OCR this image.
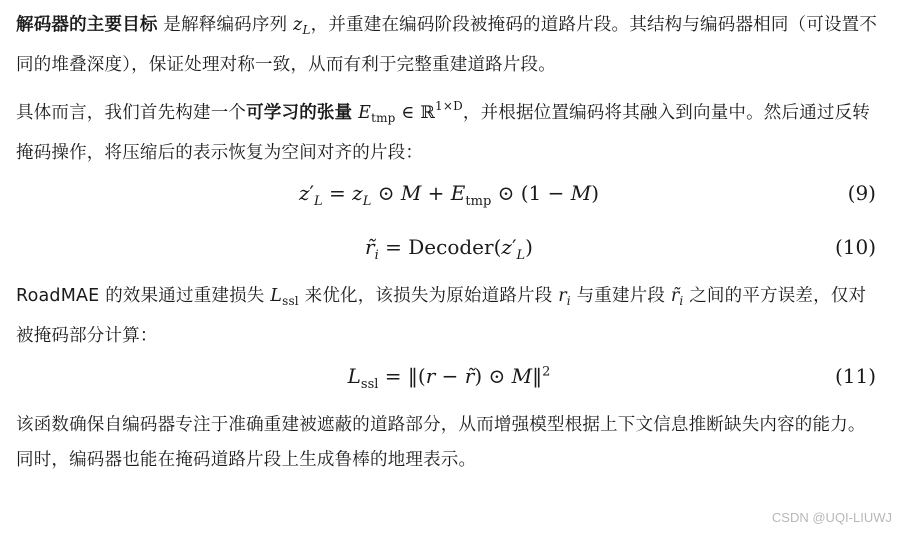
解码器的主要目标 是解释编码序列 $z_L$，并重建在编码阶段被掩码的道路片段。其结构与编码器相同（可设置不同的堆叠深度），保证处理对称一致，从而有利于完整重建道路片段。

具体而言，我们首先构建一个可学习的张量 $E_{tmp}$ ∈ ℝ$^{1\times D}$，并根据位置编码将其融入到向量中。然后通过反转掩码操作，将压缩后的表示恢复为空间对齐的片段：

$z'_L = z_L$ ⊙ $M + E_{tmp}$ ⊙ (1 − M)	(9)
$r̃_i$ = $Decoder(z'_L)$	(10)

RoadMAE 的效果通过重建损失 $L_{ssl}$ 来优化，该损失为原始道路片段 $r_i$ 与重建片段 $r̃_i$ 之间的平方误差，仅对被掩码部分计算：

$L_{ssl}$ = ‖(r − r̃) ⊙ M‖$^2$	(11)

该函数确保自编码器专注于准确重建被遮蔽的道路部分，从而增强模型根据上下文信息推断缺失内容的能力。同时，编码器也能在掩码道路片段上生成鲁棒的地理表示。

CSDN @UQI-LIUWJ
